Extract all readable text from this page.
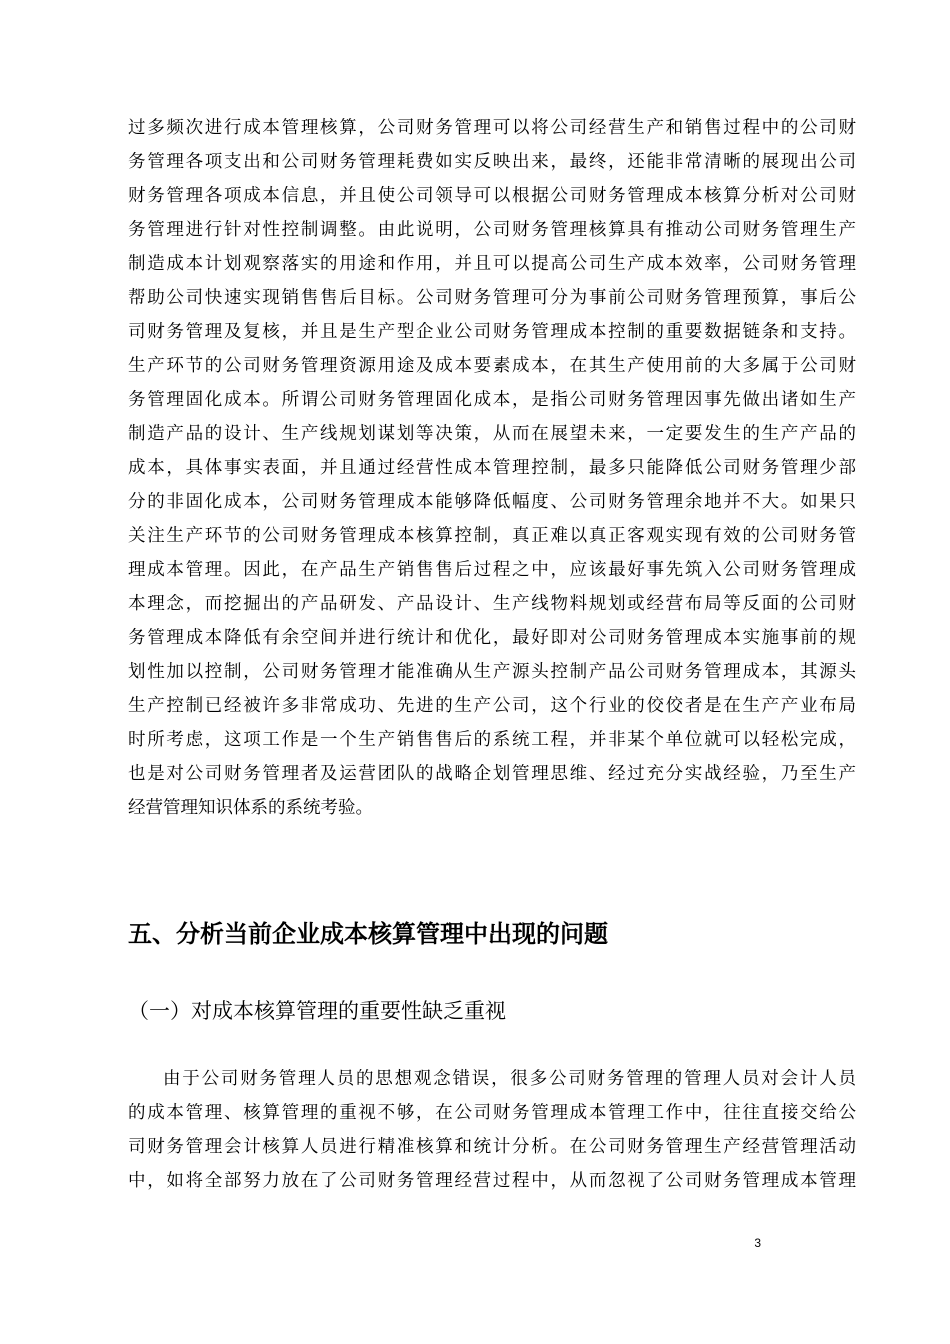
过多频次进行成本管理核算，公司财务管理可以将公司经营生产和销售过程中的公司财
务管理各项支出和公司财务管理耗费如实反映出来，最终，还能非常清晰的展现出公司
财务管理各项成本信息，并且使公司领导可以根据公司财务管理成本核算分析对公司财
务管理进行针对性控制调整。由此说明，公司财务管理核算具有推动公司财务管理生产
制造成本计划观察落实的用途和作用，并且可以提高公司生产成本效率，公司财务管理
帮助公司快速实现销售售后目标。公司财务管理可分为事前公司财务管理预算，事后公
司财务管理及复核，并且是生产型企业公司财务管理成本控制的重要数据链条和支持。
生产环节的公司财务管理资源用途及成本要素成本，在其生产使用前的大多属于公司财
务管理固化成本。所谓公司财务管理固化成本，是指公司财务管理因事先做出诸如生产
制造产品的设计、生产线规划谋划等决策，从而在展望未来，一定要发生的生产产品的
成本，具体事实表面，并且通过经营性成本管理控制，最多只能降低公司财务管理少部
分的非固化成本，公司财务管理成本能够降低幅度、公司财务管理余地并不大。如果只
关注生产环节的公司财务管理成本核算控制，真正难以真正客观实现有效的公司财务管
理成本管理。因此，在产品生产销售售后过程之中，应该最好事先筑入公司财务管理成
本理念，而挖掘出的产品研发、产品设计、生产线物料规划或经营布局等反面的公司财
务管理成本降低有余空间并进行统计和优化，最好即对公司财务管理成本实施事前的规
划性加以控制，公司财务管理才能准确从生产源头控制产品公司财务管理成本，其源头
生产控制已经被许多非常成功、先进的生产公司，这个行业的佼佼者是在生产产业布局
时所考虑，这项工作是一个生产销售售后的系统工程，并非某个单位就可以轻松完成，
也是对公司财务管理者及运营团队的战略企划管理思维、经过充分实战经验，乃至生产
经营管理知识体系的系统考验。
五、分析当前企业成本核算管理中出现的问题
（一）对成本核算管理的重要性缺乏重视
由于公司财务管理人员的思想观念错误，很多公司财务管理的管理人员对会计人员
的成本管理、核算管理的重视不够，在公司财务管理成本管理工作中，往往直接交给公
司财务管理会计核算人员进行精准核算和统计分析。在公司财务管理生产经营管理活动
中，如将全部努力放在了公司财务管理经营过程中，从而忽视了公司财务管理成本管理
3
